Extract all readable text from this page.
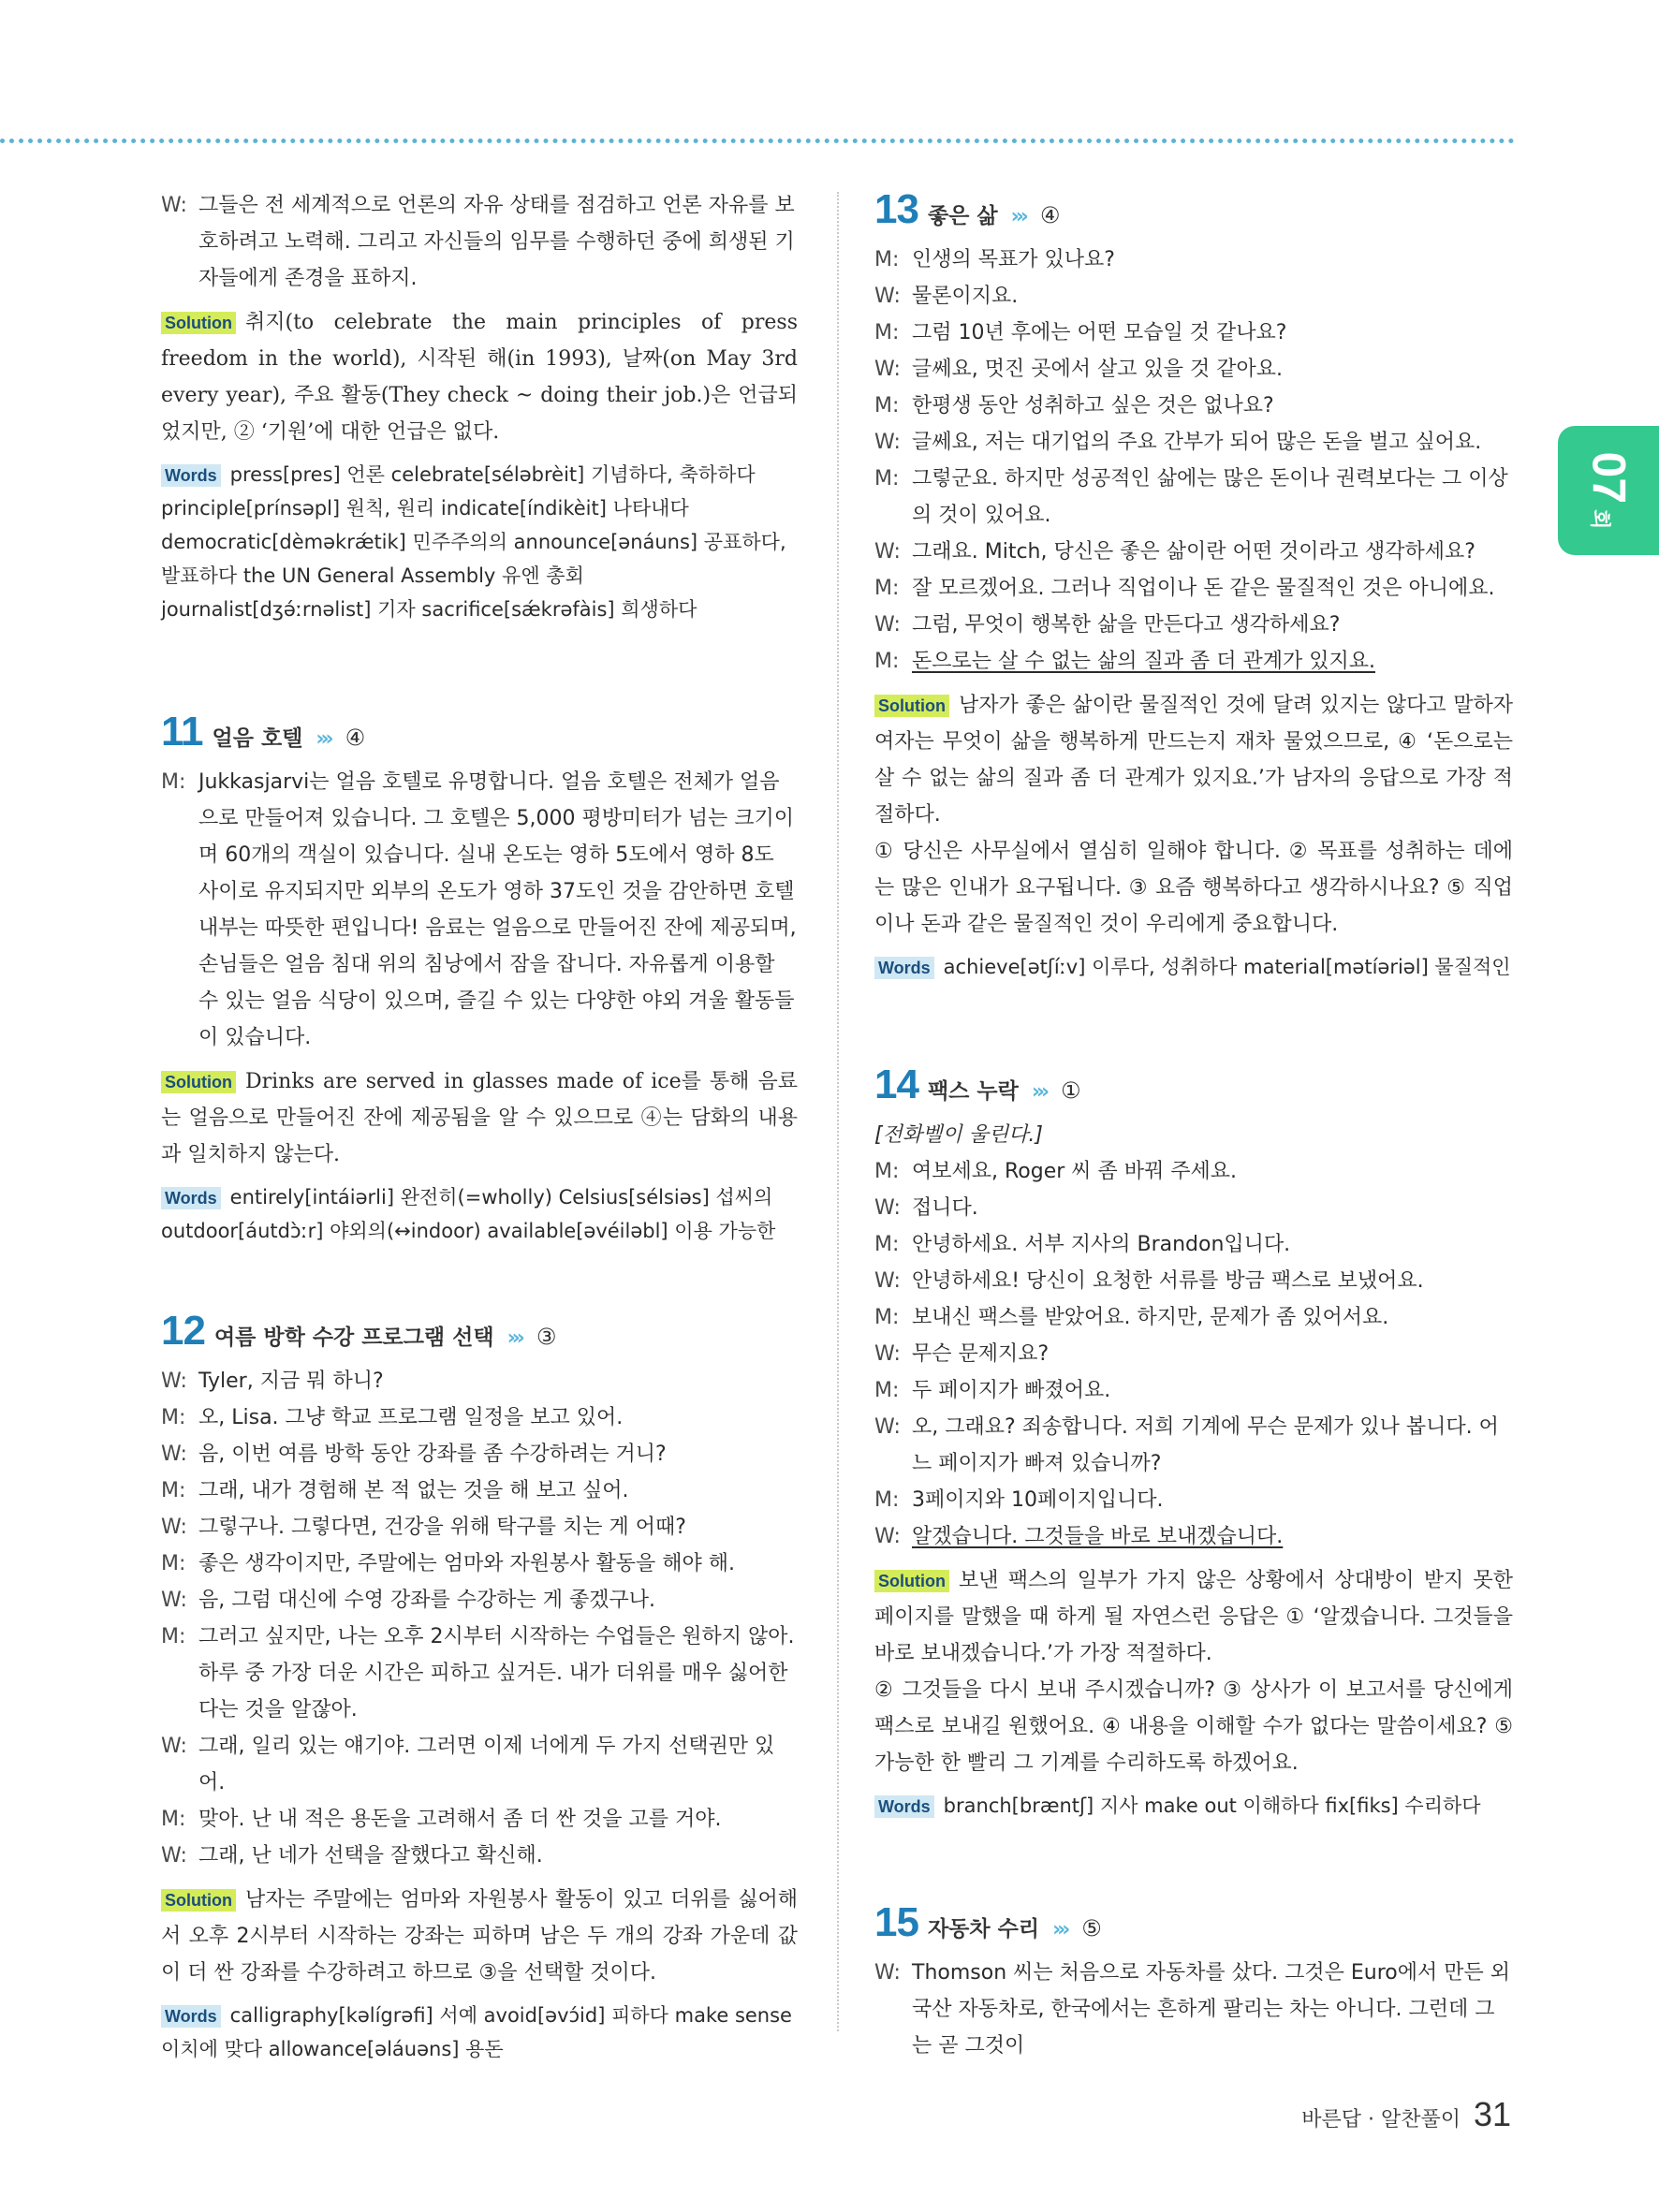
07
회
W: 그들은 전 세계적으로 언론의 자유 상태를 점검하고 언론 자유를 보호하려고 노력해. 그리고 자신들의 임무를 수행하던 중에 희생된 기자들에게 존경을 표하지.

Solution 취지(to celebrate the main principles of press freedom in the world), 시작된 해(in 1993), 날짜(on May 3rd every year), 주요 활동(They check ~ doing their job.)은 언급되었지만, ② ‘기원’에 대한 언급은 없다.

Words press[pres] 언론 celebrate[séləbrèit] 기념하다, 축하하다 principle[prínsəpl] 원칙, 원리 indicate[índikèit] 나타내다 democratic[dèməkrǽtik] 민주주의의 announce[ənáuns] 공표하다, 발표하다 the UN General Assembly 유엔 총회 journalist[dʒə́ːrnəlist] 기자 sacrifice[sǽkrəfàis] 희생하다

11 얼음 호텔 ››› ④
M: Jukkasjarvi는 얼음 호텔로 유명합니다. 얼음 호텔은 전체가 얼음으로 만들어져 있습니다. 그 호텔은 5,000 평방미터가 넘는 크기이며 60개의 객실이 있습니다. 실내 온도는 영하 5도에서 영하 8도 사이로 유지되지만 외부의 온도가 영하 37도인 것을 감안하면 호텔 내부는 따뜻한 편입니다! 음료는 얼음으로 만들어진 잔에 제공되며, 손님들은 얼음 침대 위의 침낭에서 잠을 잡니다. 자유롭게 이용할 수 있는 얼음 식당이 있으며, 즐길 수 있는 다양한 야외 겨울 활동들이 있습니다.

Solution Drinks are served in glasses made of ice를 통해 음료는 얼음으로 만들어진 잔에 제공됨을 알 수 있으므로 ④는 담화의 내용과 일치하지 않는다.

Words entirely[intáiərli] 완전히(=wholly) Celsius[sélsiəs] 섭씨의 outdoor[áutdɔ̀ːr] 야외의(↔indoor) available[əvéiləbl] 이용 가능한

12 여름 방학 수강 프로그램 선택 ››› ③
W: Tyler, 지금 뭐 하니?
M: 오, Lisa. 그냥 학교 프로그램 일정을 보고 있어.
W: 음, 이번 여름 방학 동안 강좌를 좀 수강하려는 거니?
M: 그래, 내가 경험해 본 적 없는 것을 해 보고 싶어.
W: 그렇구나. 그렇다면, 건강을 위해 탁구를 치는 게 어때?
M: 좋은 생각이지만, 주말에는 엄마와 자원봉사 활동을 해야 해.
W: 음, 그럼 대신에 수영 강좌를 수강하는 게 좋겠구나.
M: 그러고 싶지만, 나는 오후 2시부터 시작하는 수업들은 원하지 않아. 하루 중 가장 더운 시간은 피하고 싶거든. 내가 더위를 매우 싫어한다는 것을 알잖아.
W: 그래, 일리 있는 얘기야. 그러면 이제 너에게 두 가지 선택권만 있어.
M: 맞아. 난 내 적은 용돈을 고려해서 좀 더 싼 것을 고를 거야.
W: 그래, 난 네가 선택을 잘했다고 확신해.

Solution 남자는 주말에는 엄마와 자원봉사 활동이 있고 더위를 싫어해서 오후 2시부터 시작하는 강좌는 피하며 남은 두 개의 강좌 가운데 값이 더 싼 강좌를 수강하려고 하므로 ③을 선택할 것이다.

Words calligraphy[kəlígrəfi] 서예 avoid[əvɔ́id] 피하다 make sense 이치에 맞다 allowance[əláuəns] 용돈

13 좋은 삶 ››› ④
M: 인생의 목표가 있나요?
W: 물론이지요.
M: 그럼 10년 후에는 어떤 모습일 것 같나요?
W: 글쎄요, 멋진 곳에서 살고 있을 것 같아요.
M: 한평생 동안 성취하고 싶은 것은 없나요?
W: 글쎄요, 저는 대기업의 주요 간부가 되어 많은 돈을 벌고 싶어요.
M: 그렇군요. 하지만 성공적인 삶에는 많은 돈이나 권력보다는 그 이상의 것이 있어요.
W: 그래요. Mitch, 당신은 좋은 삶이란 어떤 것이라고 생각하세요?
M: 잘 모르겠어요. 그러나 직업이나 돈 같은 물질적인 것은 아니에요.
W: 그럼, 무엇이 행복한 삶을 만든다고 생각하세요?
M: 돈으로는 살 수 없는 삶의 질과 좀 더 관계가 있지요.

Solution 남자가 좋은 삶이란 물질적인 것에 달려 있지는 않다고 말하자 여자는 무엇이 삶을 행복하게 만드는지 재차 물었으므로, ④ ‘돈으로는 살 수 없는 삶의 질과 좀 더 관계가 있지요.’가 남자의 응답으로 가장 적절하다.

① 당신은 사무실에서 열심히 일해야 합니다. ② 목표를 성취하는 데에는 많은 인내가 요구됩니다. ③ 요즘 행복하다고 생각하시나요? ⑤ 직업이나 돈과 같은 물질적인 것이 우리에게 중요합니다.

Words achieve[ətʃíːv] 이루다, 성취하다 material[mətíəriəl] 물질적인

14 팩스 누락 ››› ①
[전화벨이 울린다.]
M: 여보세요, Roger 씨 좀 바꿔 주세요.
W: 접니다.
M: 안녕하세요. 서부 지사의 Brandon입니다.
W: 안녕하세요! 당신이 요청한 서류를 방금 팩스로 보냈어요.
M: 보내신 팩스를 받았어요. 하지만, 문제가 좀 있어서요.
W: 무슨 문제지요?
M: 두 페이지가 빠졌어요.
W: 오, 그래요? 죄송합니다. 저희 기계에 무슨 문제가 있나 봅니다. 어느 페이지가 빠져 있습니까?
M: 3페이지와 10페이지입니다.
W: 알겠습니다. 그것들을 바로 보내겠습니다.

Solution 보낸 팩스의 일부가 가지 않은 상황에서 상대방이 받지 못한 페이지를 말했을 때 하게 될 자연스런 응답은 ① ‘알겠습니다. 그것들을 바로 보내겠습니다.’가 가장 적절하다.

② 그것들을 다시 보내 주시겠습니까? ③ 상사가 이 보고서를 당신에게 팩스로 보내길 원했어요. ④ 내용을 이해할 수가 없다는 말씀이세요? ⑤ 가능한 한 빨리 그 기계를 수리하도록 하겠어요.

Words branch[bræntʃ] 지사 make out 이해하다 fix[fiks] 수리하다

15 자동차 수리 ››› ⑤
W: Thomson 씨는 처음으로 자동차를 샀다. 그것은 Euro에서 만든 외국산 자동차로, 한국에서는 흔하게 팔리는 차는 아니다. 그런데 그는 곧 그것이
바른답 · 알찬풀이 31
